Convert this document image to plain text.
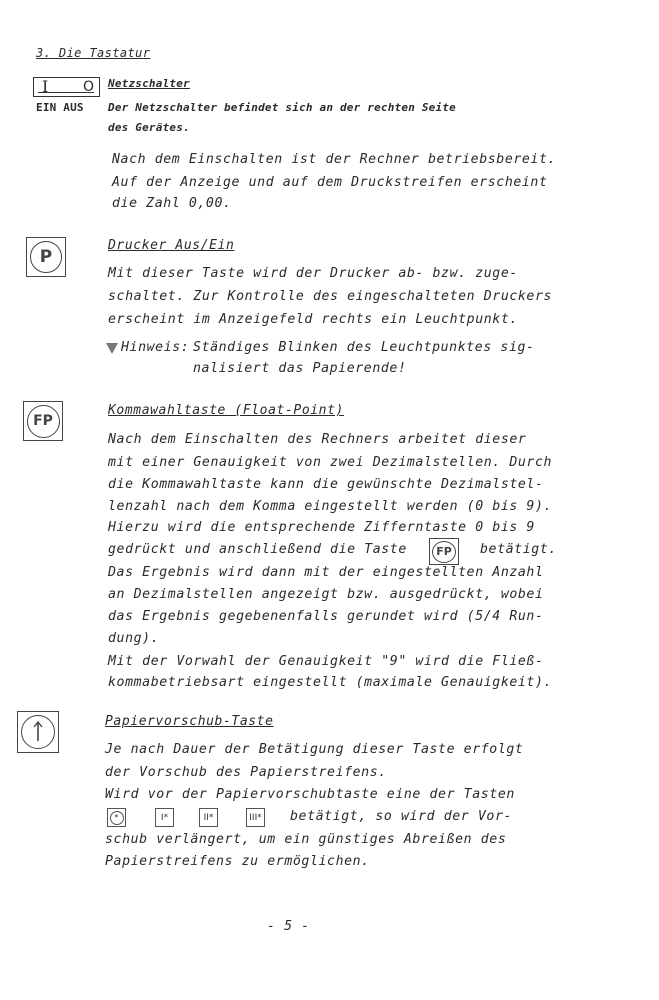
3. Die Tastatur
I O
EIN AUS
Netzschalter
Der Netzschalter befindet sich an der rechten Seite
des Gerätes.
Nach dem Einschalten ist der Rechner betriebsbereit.
Auf der Anzeige und auf dem Druckstreifen erscheint
die Zahl 0,00.
P
Drucker Aus/Ein
Mit dieser Taste wird der Drucker ab- bzw. zuge-
schaltet. Zur Kontrolle des eingeschalteten Druckers
erscheint im Anzeigefeld rechts ein Leuchtpunkt.
Hinweis: Ständiges Blinken des Leuchtpunktes sig-
nalisiert das Papierende!
FP
Kommawahltaste (Float-Point)
Nach dem Einschalten des Rechners arbeitet dieser
mit einer Genauigkeit von zwei Dezimalstellen. Durch
die Kommawahltaste kann die gewünschte Dezimalstel-
lenzahl nach dem Komma eingestellt werden (0 bis 9).
Hierzu wird die entsprechende Zifferntaste 0 bis 9
gedrückt und anschließend die Taste	FP betätigt.
Das Ergebnis wird dann mit der eingestellten Anzahl
an Dezimalstellen angezeigt bzw. ausgedrückt, wobei
das Ergebnis gegebenenfalls gerundet wird (5/4 Run-
dung).
Mit der Vorwahl der Genauigkeit "9" wird die Fließ-
kommabetriebsart eingestellt (maximale Genauigkeit).
Papiervorschub-Taste
Je nach Dauer der Betätigung dieser Taste erfolgt
der Vorschub des Papierstreifens.
Wird vor der Papiervorschubtaste eine der Tasten
*	I*	II*	III* betätigt, so wird der Vor-
schub verlängert, um ein günstiges Abreißen des
Papierstreifens zu ermöglichen.
- 5 -
